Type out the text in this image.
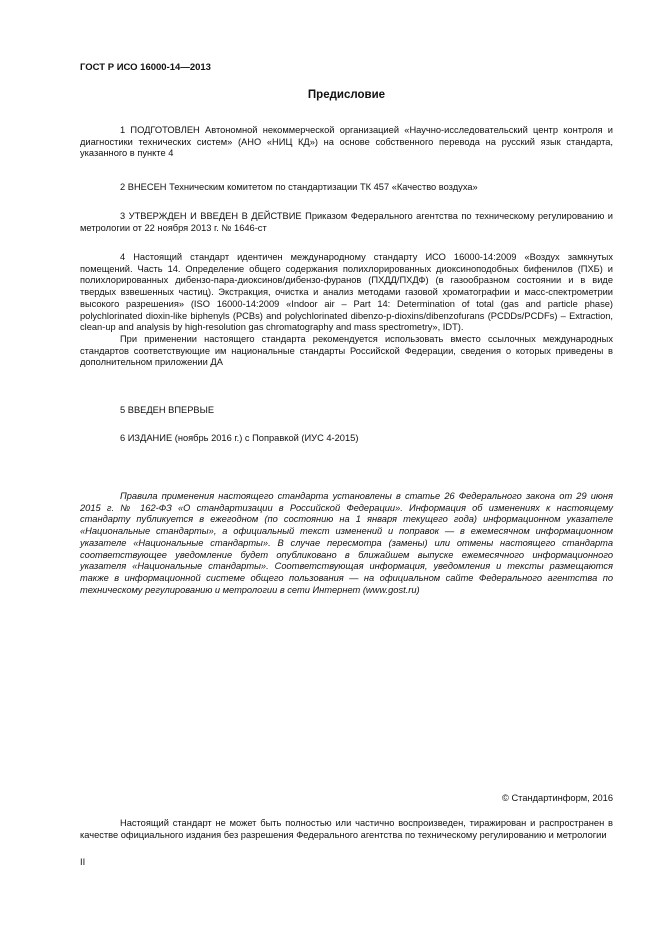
ГОСТ Р ИСО 16000-14—2013
Предисловие

1 ПОДГОТОВЛЕН Автономной некоммерческой организацией «Научно-исследовательский центр контроля и диагностики технических систем» (АНО «НИЦ КД») на основе собственного перевода на русский язык стандарта, указанного в пункте 4

2 ВНЕСЕН Техническим комитетом по стандартизации ТК 457 «Качество воздуха»

3 УТВЕРЖДЕН И ВВЕДЕН В ДЕЙСТВИЕ Приказом Федерального агентства по техническому регулированию и метрологии от 22 ноября 2013 г. № 1646-ст

4 Настоящий стандарт идентичен международному стандарту ИСО 16000-14:2009 «Воздух замкнутых помещений. Часть 14. Определение общего содержания полихлорированных диоксиноподобных бифенилов (ПХБ) и полихлорированных дибензо-пара-диоксинов/дибензо-фуранов (ПХДД/ПХДФ) (в газообразном состоянии и в виде твердых взвешенных частиц). Экстракция, очистка и анализ методами газовой хроматографии и масс-спектрометрии высокого разрешения» (ISO 16000-14:2009 «Indoor air – Part 14: Determination of total (gas and particle phase) polychlorinated dioxin-like biphenyls (PCBs) and polychlorinated dibenzo-p-dioxins/dibenzofurans (PCDDs/PCDFs) – Extraction, clean-up and analysis by high-resolution gas chromatography and mass spectrometry», IDT).

При применении настоящего стандарта рекомендуется использовать вместо ссылочных международных стандартов соответствующие им национальные стандарты Российской Федерации, сведения о которых приведены в дополнительном приложении ДА

5 ВВЕДЕН ВПЕРВЫЕ

6 ИЗДАНИЕ (ноябрь 2016 г.) с Поправкой (ИУС 4-2015)

Правила применения настоящего стандарта установлены в статье 26 Федерального закона от 29 июня 2015 г. № 162-ФЗ «О стандартизации в Российской Федерации». Информация об изменениях к настоящему стандарту публикуется в ежегодном (по состоянию на 1 января текущего года) информационном указателе «Национальные стандарты», а официальный текст изменений и поправок — в ежемесячном информационном указателе «Национальные стандарты». В случае пересмотра (замены) или отмены настоящего стандарта соответствующее уведомление будет опубликовано в ближайшем выпуске ежемесячного информационного указателя «Национальные стандарты». Соответствующая информация, уведомления и тексты размещаются также в информационной системе общего пользования — на официальном сайте Федерального агентства по техническому регулированию и метрологии в сети Интернет (www.gost.ru)

© Стандартинформ, 2016

Настоящий стандарт не может быть полностью или частично воспроизведен, тиражирован и распространен в качестве официального издания без разрешения Федерального агентства по техническому регулированию и метрологии

II
